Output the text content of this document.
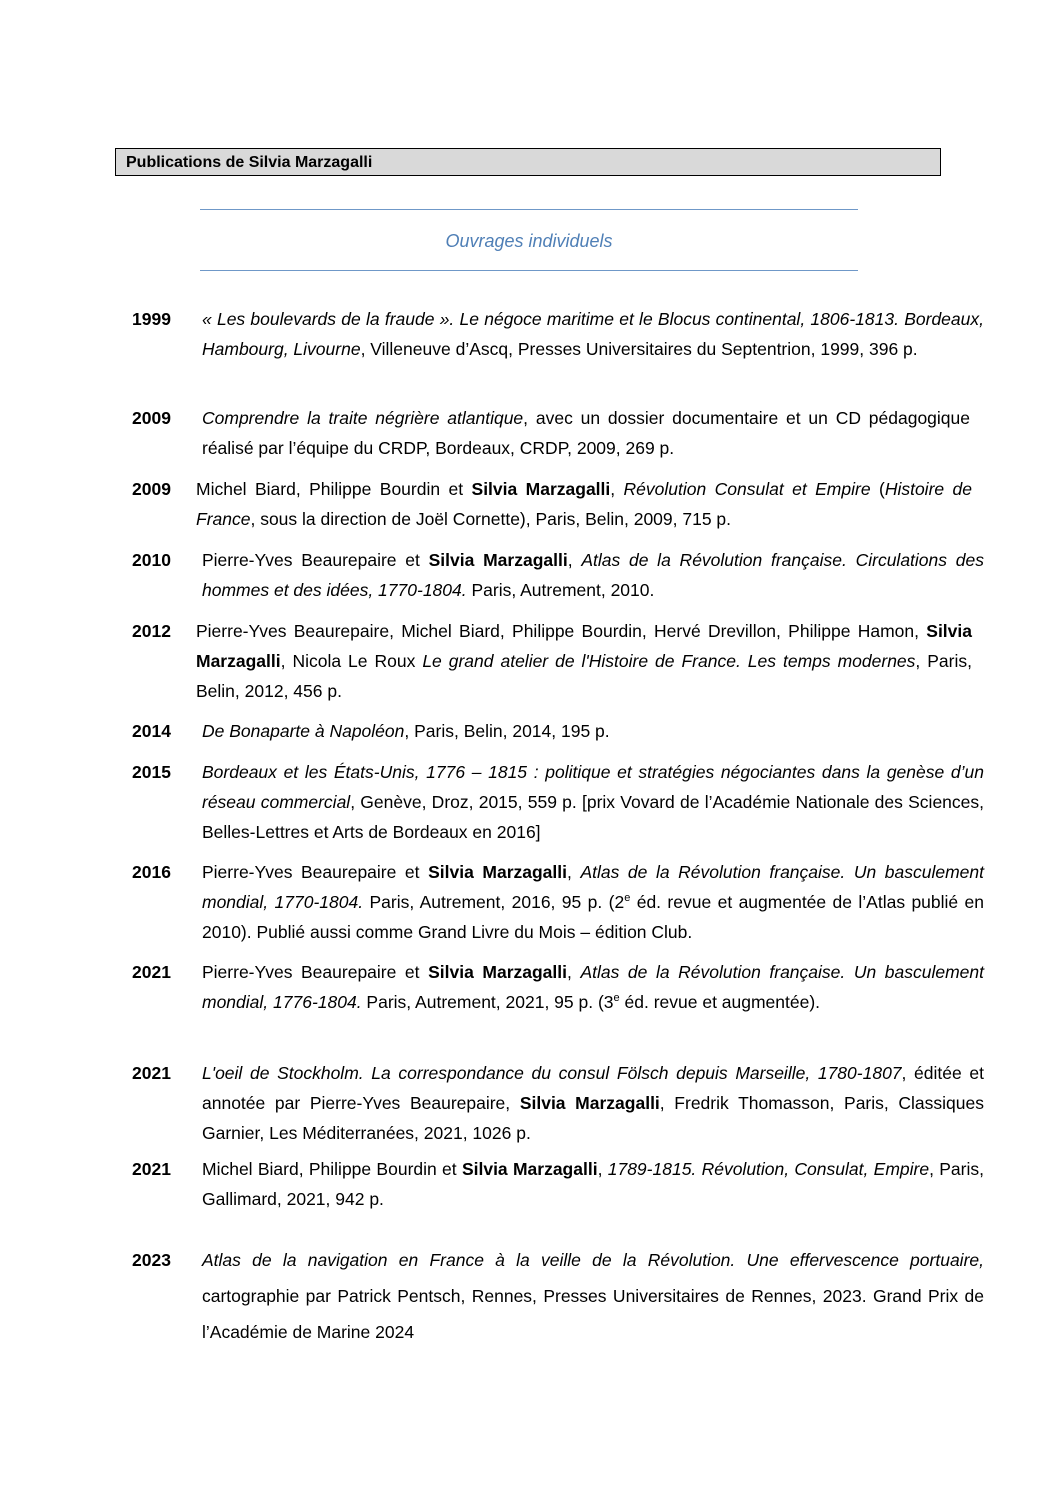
Publications de Silvia Marzagalli
Ouvrages individuels
1999 « Les boulevards de la fraude ». Le négoce maritime et le Blocus continental, 1806-1813. Bordeaux, Hambourg, Livourne, Villeneuve d’Ascq, Presses Universitaires du Septentrion, 1999, 396 p.
2009 Comprendre la traite négrière atlantique, avec un dossier documentaire et un CD pédagogique réalisé par l’équipe du CRDP, Bordeaux, CRDP, 2009, 269 p.
2009 Michel Biard, Philippe Bourdin et Silvia Marzagalli, Révolution Consulat et Empire (Histoire de France, sous la direction de Joël Cornette), Paris, Belin, 2009, 715 p.
2010 Pierre-Yves Beaurepaire et Silvia Marzagalli, Atlas de la Révolution française. Circulations des hommes et des idées, 1770-1804. Paris, Autrement, 2010.
2012 Pierre-Yves Beaurepaire, Michel Biard, Philippe Bourdin, Hervé Drevillon, Philippe Hamon, Silvia Marzagalli, Nicola Le Roux Le grand atelier de l'Histoire de France. Les temps modernes, Paris, Belin, 2012, 456 p.
2014 De Bonaparte à Napoléon, Paris, Belin, 2014, 195 p.
2015 Bordeaux et les États-Unis, 1776 – 1815 : politique et stratégies négociantes dans la genèse d’un réseau commercial, Genève, Droz, 2015, 559 p. [prix Vovard de l’Académie Nationale des Sciences, Belles-Lettres et Arts de Bordeaux en 2016]
2016 Pierre-Yves Beaurepaire et Silvia Marzagalli, Atlas de la Révolution française. Un basculement mondial, 1770-1804. Paris, Autrement, 2016, 95 p. (2e éd. revue et augmentée de l’Atlas publié en 2010). Publié aussi comme Grand Livre du Mois – édition Club.
2021 Pierre-Yves Beaurepaire et Silvia Marzagalli, Atlas de la Révolution française. Un basculement mondial, 1776-1804. Paris, Autrement, 2021, 95 p. (3e éd. revue et augmentée).
2021 L'oeil de Stockholm. La correspondance du consul Fölsch depuis Marseille, 1780-1807, éditée et annotée par Pierre-Yves Beaurepaire, Silvia Marzagalli, Fredrik Thomasson, Paris, Classiques Garnier, Les Méditerranées, 2021, 1026 p.
2021 Michel Biard, Philippe Bourdin et Silvia Marzagalli, 1789-1815. Révolution, Consulat, Empire, Paris, Gallimard, 2021, 942 p.
2023 Atlas de la navigation en France à la veille de la Révolution. Une effervescence portuaire, cartographie par Patrick Pentsch, Rennes, Presses Universitaires de Rennes, 2023. Grand Prix de l’Académie de Marine 2024
